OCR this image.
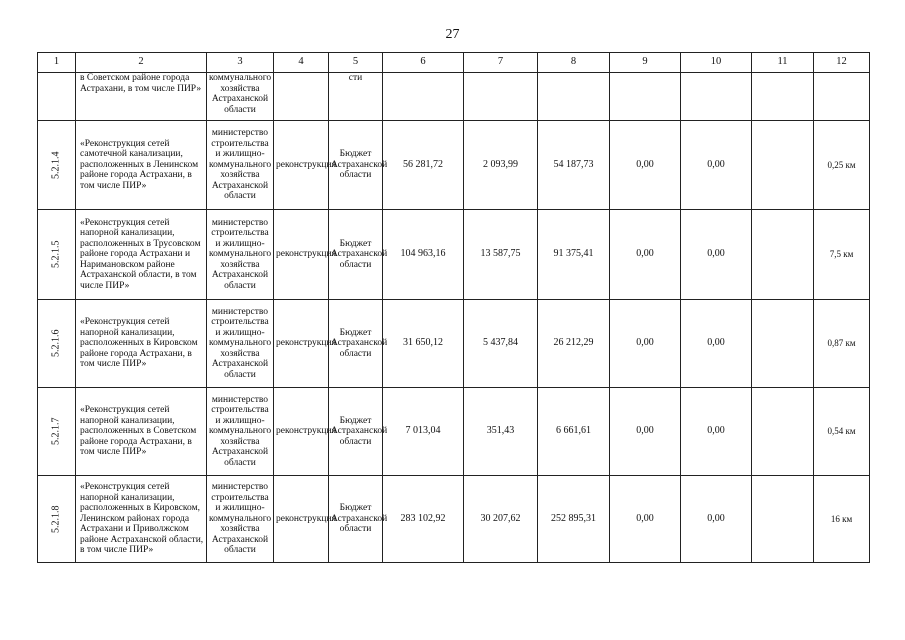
27
1	2	3	4	5	6	7	8	9	10	11	12
	в Советском районе города Астрахани, в том числе ПИР»	коммунального хозяйства Астраханской области		сти							
5.2.1.4	«Реконструкция сетей самотечной канализации, расположенных в Ленинском районе города Астрахани, в том числе ПИР»	министерство строительства и жилищно-коммунального хозяйства Астраханской области	реконструкция	Бюджет Астраханской области	56 281,72	2 093,99	54 187,73	0,00	0,00		0,25 км
5.2.1.5	«Реконструкция сетей напорной канализации, расположенных в Трусовском районе города Астрахани и Наримановском районе Астраханской области, в том числе ПИР»	министерство строительства и жилищно-коммунального хозяйства Астраханской области	реконструкция	Бюджет Астраханской области	104 963,16	13 587,75	91 375,41	0,00	0,00		7,5 км
5.2.1.6	«Реконструкция сетей напорной канализации, расположенных в Кировском районе города Астрахани, в том числе ПИР»	министерство строительства и жилищно-коммунального хозяйства Астраханской области	реконструкция	Бюджет Астраханской области	31 650,12	5 437,84	26 212,29	0,00	0,00		0,87 км
5.2.1.7	«Реконструкция сетей напорной канализации, расположенных в Советском районе города Астрахани, в том числе ПИР»	министерство строительства и жилищно-коммунального хозяйства Астраханской области	реконструкция	Бюджет Астраханской области	7 013,04	351,43	6 661,61	0,00	0,00		0,54 км
5.2.1.8	«Реконструкция сетей напорной канализации, расположенных в Кировском, Ленинском районах города Астрахани и Приволжском районе Астраханской области, в том числе ПИР»	министерство строительства и жилищно-коммунального хозяйства Астраханской области	реконструкция	Бюджет Астраханской области	283 102,92	30 207,62	252 895,31	0,00	0,00		16 км
